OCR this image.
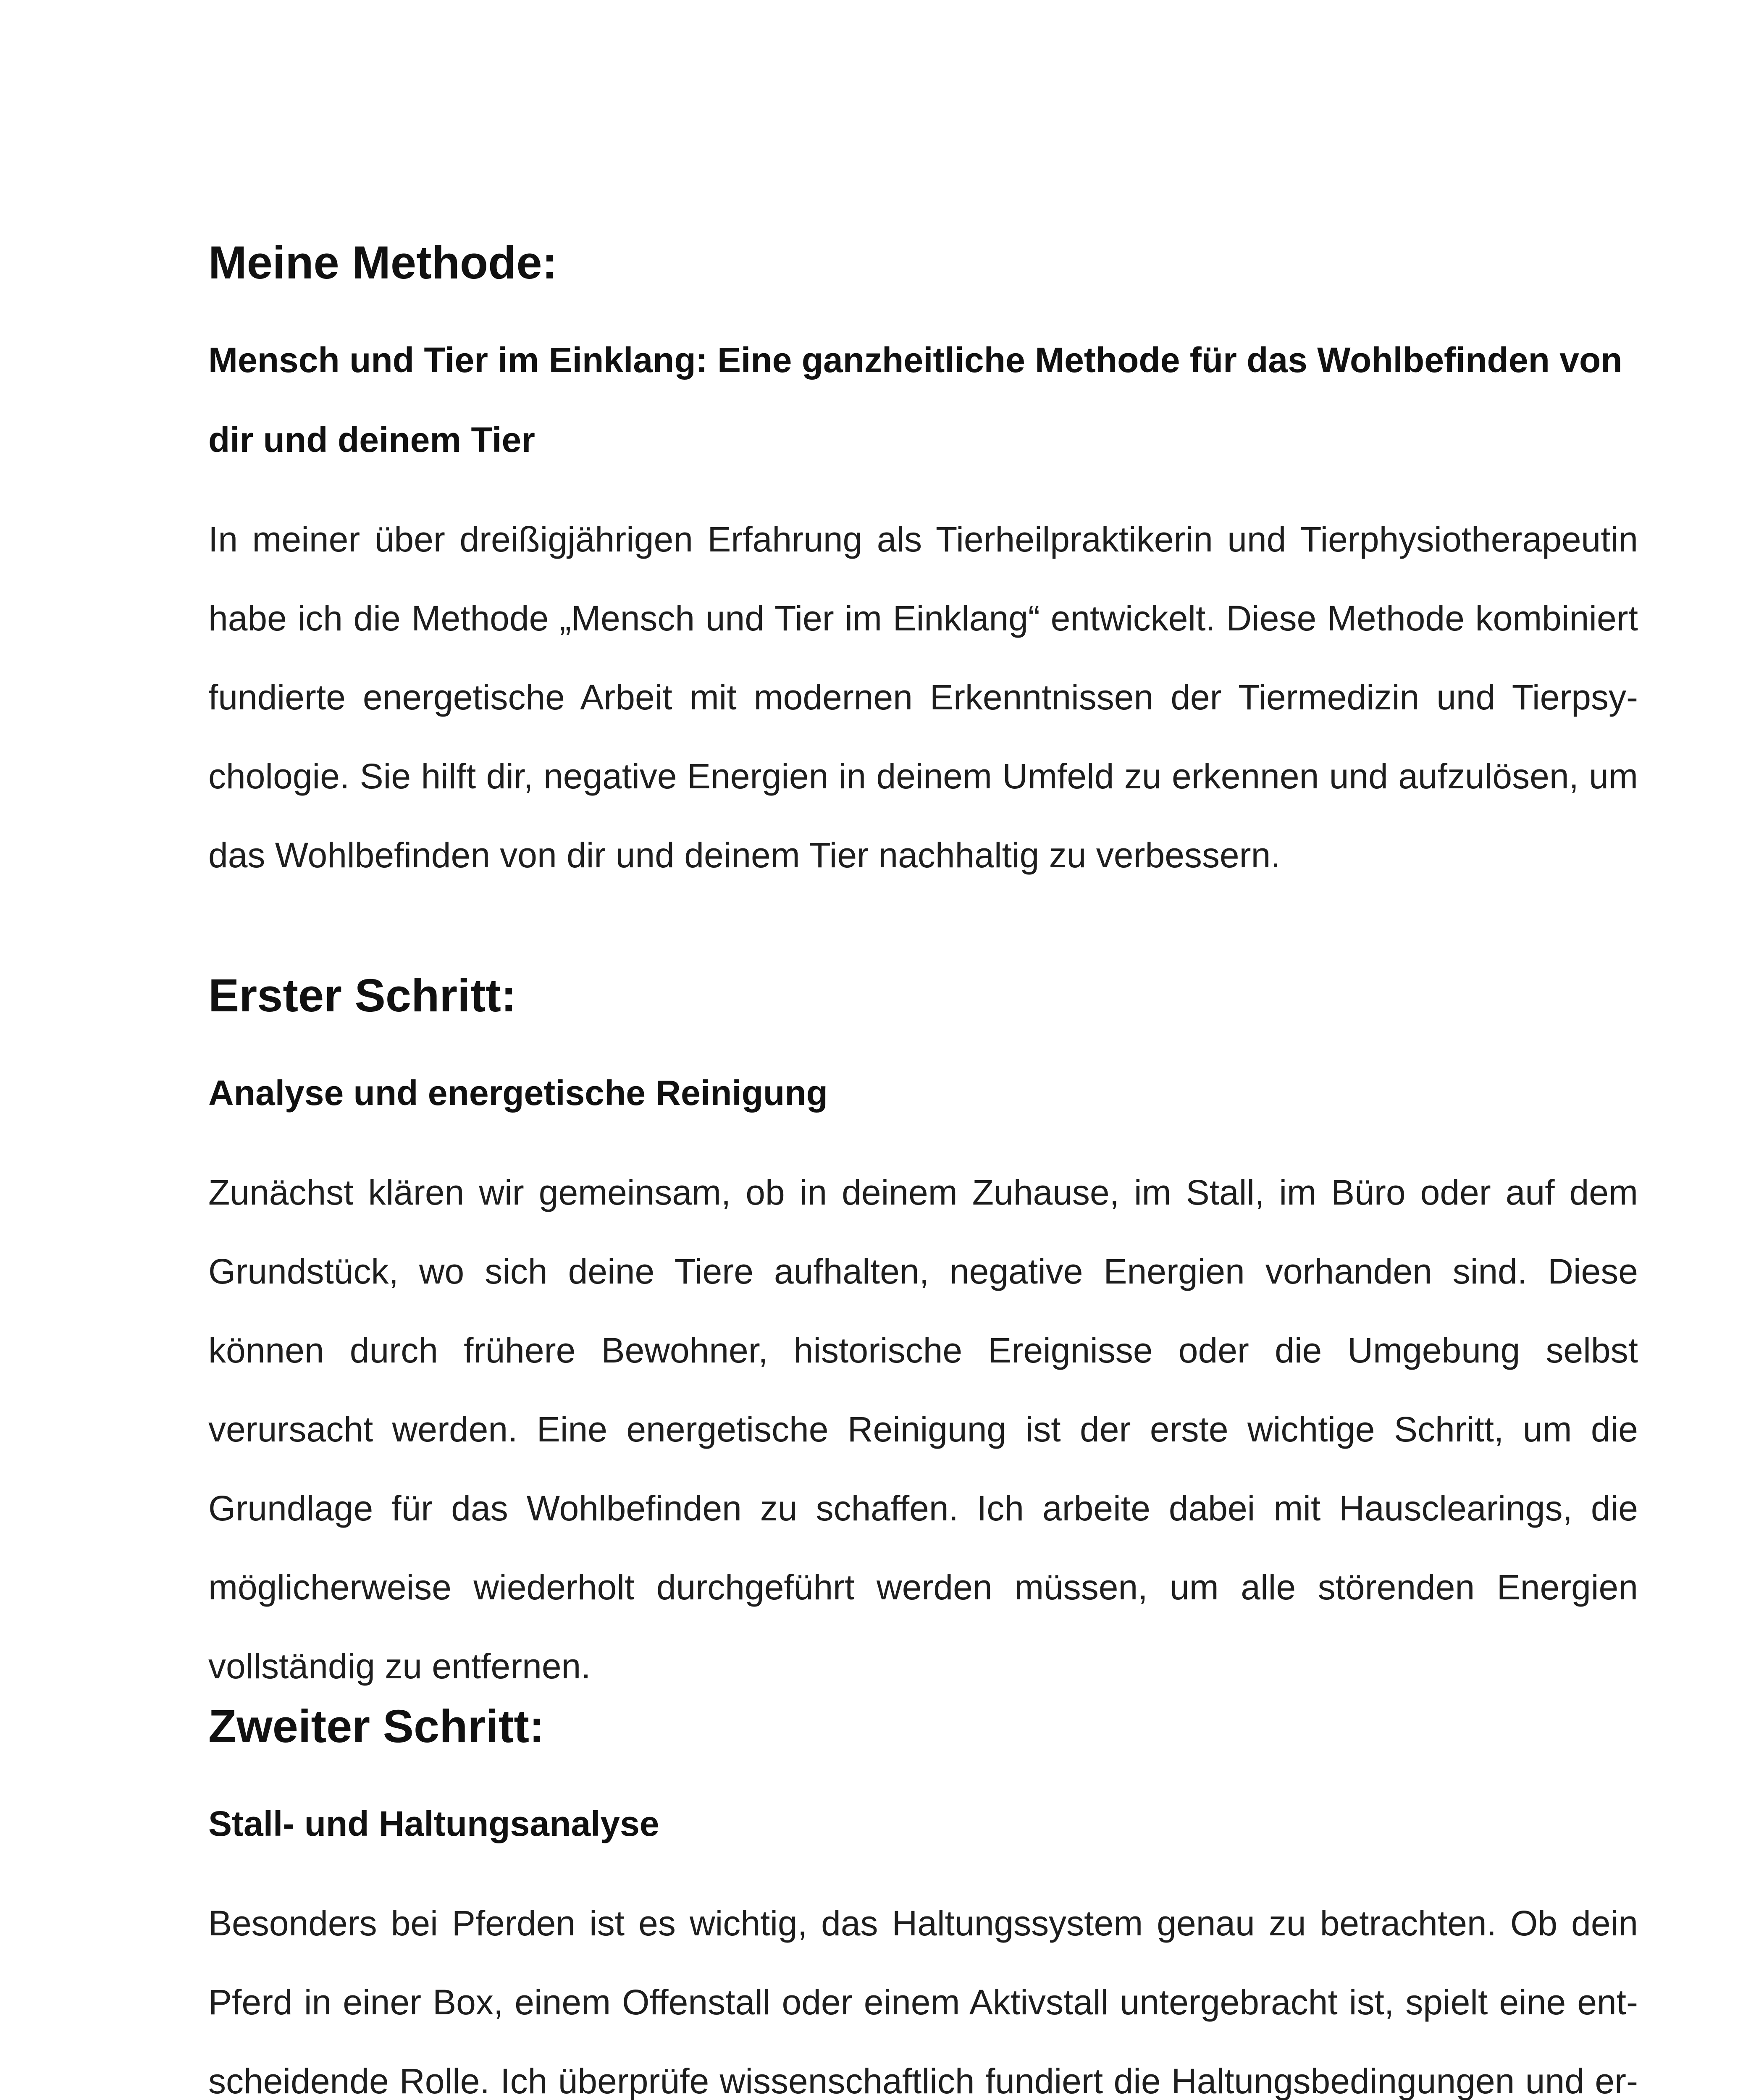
Meine Methode:
Mensch und Tier im Einklang: Eine ganzheitliche Methode für das Wohlbefinden von dir und deinem Tier

In meiner über dreißigjährigen Erfahrung als Tierheilpraktikerin und Tierphysiotherapeutin habe ich die Methode „Mensch und Tier im Einklang“ entwickelt. Diese Methode kombiniert fundierte energetische Arbeit mit modernen Erkenntnissen der Tiermedizin und Tierpsychologie. Sie hilft dir, negative Energien in deinem Umfeld zu erkennen und aufzulösen, um das Wohlbefinden von dir und deinem Tier nachhaltig zu verbessern.

Erster Schritt:
Analyse und energetische Reinigung

Zunächst klären wir gemeinsam, ob in deinem Zuhause, im Stall, im Büro oder auf dem Grundstück, wo sich deine Tiere aufhalten, negative Energien vorhanden sind. Diese können durch frühere Bewohner, historische Ereignisse oder die Umgebung selbst verursacht werden. Eine energetische Reinigung ist der erste wichtige Schritt, um die Grundlage für das Wohlbefinden zu schaffen. Ich arbeite dabei mit Hausclearings, die möglicherweise wiederholt durchgeführt werden müssen, um alle störenden Energien vollständig zu entfernen.

Zweiter Schritt:
Stall- und Haltungsanalyse

Besonders bei Pferden ist es wichtig, das Haltungssystem genau zu betrachten. Ob dein Pferd in einer Box, einem Offenstall oder einem Aktivstall untergebracht ist, spielt eine entscheidende Rolle. Ich überprüfe wissenschaftlich fundiert die Haltungsbedingungen und er
